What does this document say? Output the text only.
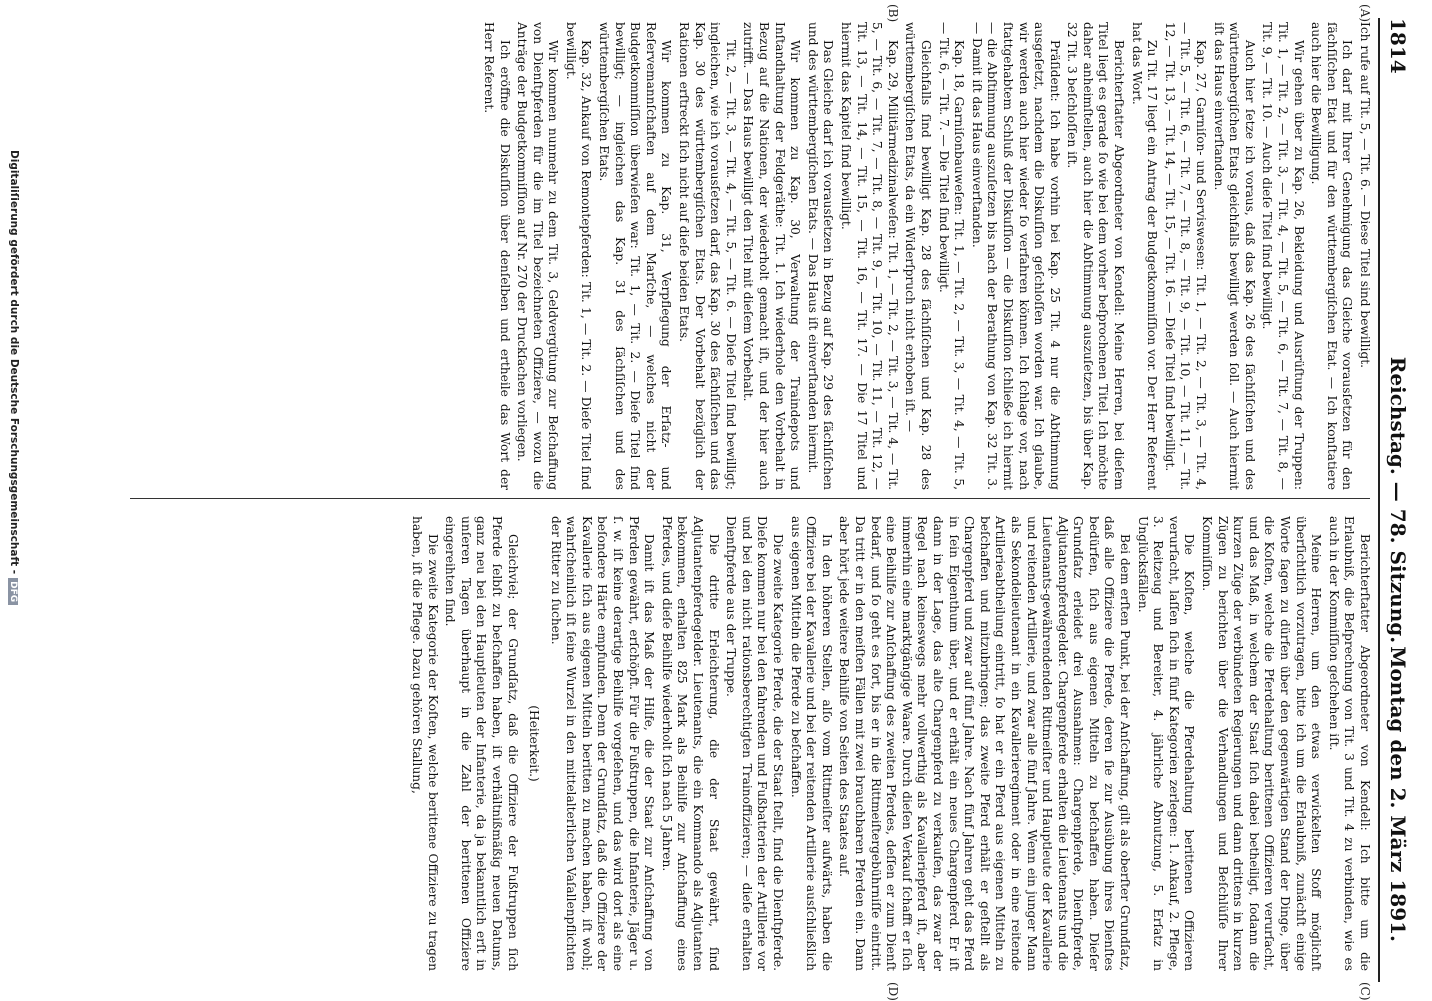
1814
Reichstag. — 78. Sitzung.
Montag den 2. März 1891.
(A)
(B)
(C)
(D)

Ich rufe auf Tit. 5, — Tit. 6. — Diese Titel sind bewilligt.

Ich darf mit Ihrer Genehmigung das Gleiche vorausſetzen für den ſächſiſchen Etat und für den württembergiſchen Etat. — Ich konſtatiere auch hier die Bewilligung.

Wir gehen über zu Kap. 26, Bekleidung und Ausrüſtung der Truppen: Tit. 1, — Tit. 2, — Tit. 3, — Tit. 4, — Tit. 5, — Tit. 6, — Tit. 7, — Tit. 8, — Tit. 9, — Tit. 10. — Auch dieſe Titel ſind bewilligt.

Auch hier ſetze ich voraus, daß das Kap. 26 des ſächſiſchen und des württembergiſchen Etats gleichfalls bewilligt werden ſoll. — Auch hiermit iſt das Haus einverſtanden.

Kap. 27, Garniſon- und Serviswesen: Tit. 1, — Tit. 2, — Tit. 3, — Tit. 4, — Tit. 5, — Tit. 6, — Tit. 7, — Tit. 8, — Tit. 9, — Tit. 10, — Tit. 11, — Tit. 12, — Tit. 13, — Tit. 14, — Tit. 15, — Tit. 16. — Dieſe Titel ſind bewilligt.

Zu Tit. 17 liegt ein Antrag der Budgetkommiſſion vor. Der Herr Referent hat das Wort.

Berichterſtatter Abgeordneter von Kendell: Meine Herren, bei dieſem Titel liegt es gerade ſo wie bei dem vorher beſprochenen Titel. Ich möchte daher anheimſtellen, auch hier die Abſtimmung auszuſetzen, bis über Kap. 32 Tit. 3 beſchloſſen iſt.

Präſident: Ich habe vorhin bei Kap. 25 Tit. 4 nur die Abſtimmung ausgeſetzt, nachdem die Diskuſſion geſchloſſen worden war. Ich glaube, wir werden auch hier wieder ſo verfahren können. Ich ſchlage vor, nach ſtattgehabtem Schluß der Diskuſſion — die Diskuſſion ſchließe ich hiermit — die Abſtimmung auszuſetzen bis nach der Berathung von Kap. 32 Tit. 3. — Damit iſt das Haus einverſtanden.

Kap. 18, Garniſonbauweſen: Tit. 1, — Tit. 2, — Tit. 3, — Tit. 4, — Tit. 5, — Tit. 6, — Tit. 7. — Die Titel ſind bewilligt.

Gleichfalls ſind bewilligt Kap. 28 des ſächſiſchen und Kap. 28 des württembergiſchen Etats, da ein Widerſpruch nicht erhoben iſt. —

Kap. 29, Militärmedizinalweſen: Tit. 1, — Tit. 2, — Tit. 3, — Tit. 4, — Tit. 5, — Tit. 6, — Tit. 7, — Tit. 8, — Tit. 9, — Tit. 10, — Tit. 11, — Tit. 12, — Tit. 13, — Tit. 14, — Tit. 15, — Tit. 16, — Tit. 17. — Die 17 Titel und hiermit das Kapitel ſind bewilligt.

Das Gleiche darf ich vorausſetzen in Bezug auf Kap. 29 des ſächſiſchen und des württembergiſchen Etats. — Das Haus iſt einverſtanden hiermit.

Wir kommen zu Kap. 30, Verwaltung der Traindepots und Inſtandhaltung der Feldgeräthe: Tit. 1. Ich wiederhole den Vorbehalt in Bezug auf die Nationen, der wiederholt gemacht iſt, und der hier auch zutrifft. — Das Haus bewilligt den Titel mit dieſem Vorbehalt.

Tit. 2, — Tit. 3, — Tit. 4, — Tit. 5, — Tit. 6. — Dieſe Titel ſind bewilligt; ingleichen, wie ich vorausſetzen darf, das Kap. 30 des ſächſiſchen und das Kap. 30 des württembergiſchen Etats. Der Vorbehalt bezüglich der Rationen erſtreckt ſich nicht auf dieſe beiden Etats.

Wir kommen zu Kap. 31, Verpflegung der Erſatz- und Reſervemannſchaften auf dem Marſche, — welches nicht der Budgetkommiſſion überwieſen war: Tit. 1, — Tit. 2. — Dieſe Titel ſind bewilligt; — ingleichen das Kap. 31 des ſächſiſchen und des württembergiſchen Etats.

Kap. 32, Ankauf von Remontepferden: Tit. 1, — Tit. 2. — Dieſe Titel ſind bewilligt.

Wir kommen nunmehr zu dem Tit. 3, Geldvergütung zur Beſchaffung von Dienſtpferden für die im Titel bezeichneten Offiziere, — wozu die Anträge der Budgetkommiſſion auf Nr. 270 der Druckſachen vorliegen.

Ich eröffne die Diskuſſion über denſelben und ertheile das Wort der Herr Referent.

Berichterſtatter Abgeordneter von Kendell: Ich bitte um die Erlaubniß, die Beſprechung von Tit. 3 und Tit. 4 zu verbinden, wie es auch in der Kommiſſion geſchehen iſt.

Meine Herren, um den etwas verwickelten Stoff möglichſt überſichtlich vorzutragen, bitte ich um die Erlaubniß, zunächſt einige Worte ſagen zu dürfen über den gegenwärtigen Stand der Dinge, über die Koſten, welche die Pferdehaltung berittenen Offizieren verurſacht, und das Maß, in welchem der Staat ſich dabei betheiligt, ſodann die kurzen Züge der verbündeten Regierungen und dann drittens in kurzen Zügen zu berichten über die Verhandlungen und Beſchlüſſe Ihrer Kommiſſion.

Die Koſten, welche die Pferdehaltung berittenen Offizieren verurſacht, laſſen ſich in fünf Kategorien zerlegen: 1. Ankauf, 2. Pflege, 3. Reitzeug und Bereiter, 4. jährliche Abnutzung, 5. Erſatz in Unglücksfällen.

Bei dem erſten Punkt, bei der Anſchaffung, gilt als oberſter Grundſatz, daß alle Offiziere die Pferde, deren ſie zur Ausübung ihres Dienſtes bedürfen, ſich aus eigenen Mitteln zu beſchaffen haben. Dieſer Grundſatz erleidet drei Ausnahmen: Chargenpferde, Dienſtpferde, Adjutantenpferdegelder. Chargenpferde erhalten die Lieutenants und die Lieutenants-gewährendenden Rittmeiſter und Hauptleute der Kavallerie und reitenden Artillerie, und zwar alle fünf Jahre. Wenn ein junger Mann als Sekondelieutenant in ein Kavallerieregiment oder in eine reitende Artillerieabtheilung eintritt, ſo hat er ein Pferd aus eigenen Mitteln zu beſchaffen und mitzubringen; das zweite Pferd erhält er geſtellt als Chargenpferd und zwar auf fünf Jahre. Nach fünf Jahren geht das Pferd in ſein Eigenthum über, und er erhält ein neues Chargenpferd. Er iſt dann in der Lage, das alte Chargenpferd zu verkaufen, das zwar der Regel nach keineswegs mehr vollwerthig als Kavalleriepferd iſt, aber immerhin eine marktgängige Waare. Durch dieſen Verkauf ſchafft er ſich eine Beihilfe zur Anſchaffung des zweiten Pferdes, deſſen er zum Dienſt bedarf, und ſo geht es fort, bis er in die Rittmeiſtergebührniſſe eintritt. Da tritt er in den meiſten Fällen mit zwei brauchbaren Pferden ein. Dann aber hört jede weitere Beihilfe von Seiten des Staates auf.

In den höheren Stellen, alſo vom Rittmeiſter aufwärts, haben die Offiziere bei der Kavallerie und bei der reitenden Artillerie ausſchließlich aus eigenen Mitteln die Pferde zu beſchaffen.

Die zweite Kategorie Pferde, die der Staat ſtellt, ſind die Dienſtpferde. Dieſe kommen nur bei den fahrenden und Fußbatterien der Artillerie vor und bei den nicht rationsberechtigten Trainoffizieren; — dieſe erhalten Dienſtpferde aus der Truppe.

Die dritte Erleichterung, die der Staat gewährt, ſind Adjutantenpferdegelder. Lieutenants, die ein Kommando als Adjutanten bekommen, erhalten 825 Mark als Beihilfe zur Anſchaffung eines Pferdes, und dieſe Beihilfe wiederholt ſich nach 5 Jahren.

Damit iſt das Maß der Hilfe, die der Staat zur Anſchaffung von Pferden gewährt, erſchöpft. Für die Fußtruppen, die Infanterie, Jäger u. ſ. w. iſt keine derartige Beihilfe vorgeſehen, und das wird dort als eine beſondere Härte empfunden. Denn der Grundſatz, daß die Offiziere der Kavallerie ſich aus eigenen Mitteln beritten zu machen haben, iſt wohl; wahrſcheinlich iſt ſeine Wurzel in den mittelalterlichen Vaſallenpflichten der Ritter zu ſuchen.

(Heiterkeit.)

Gleichviel; der Grundſatz, daß die Offiziere der Fußtruppen ſich Pferde ſelbſt zu beſchaffen haben, iſt verhältnißmäßig neuen Datums, ganz neu bei den Hauptleuten der Infanterie, da ja bekanntlich erſt in unſeren Tagen überhaupt in die Zahl der berittenen Offiziere eingereihten ſind.

Die zweite Kategorie der Koſten, welche berittene Offiziere zu tragen haben, iſt die Pflege. Dazu gehören Stallung,

Digitaliſierung gefördert durch die Deutsche Forschungsgemeinschaft -DFG
